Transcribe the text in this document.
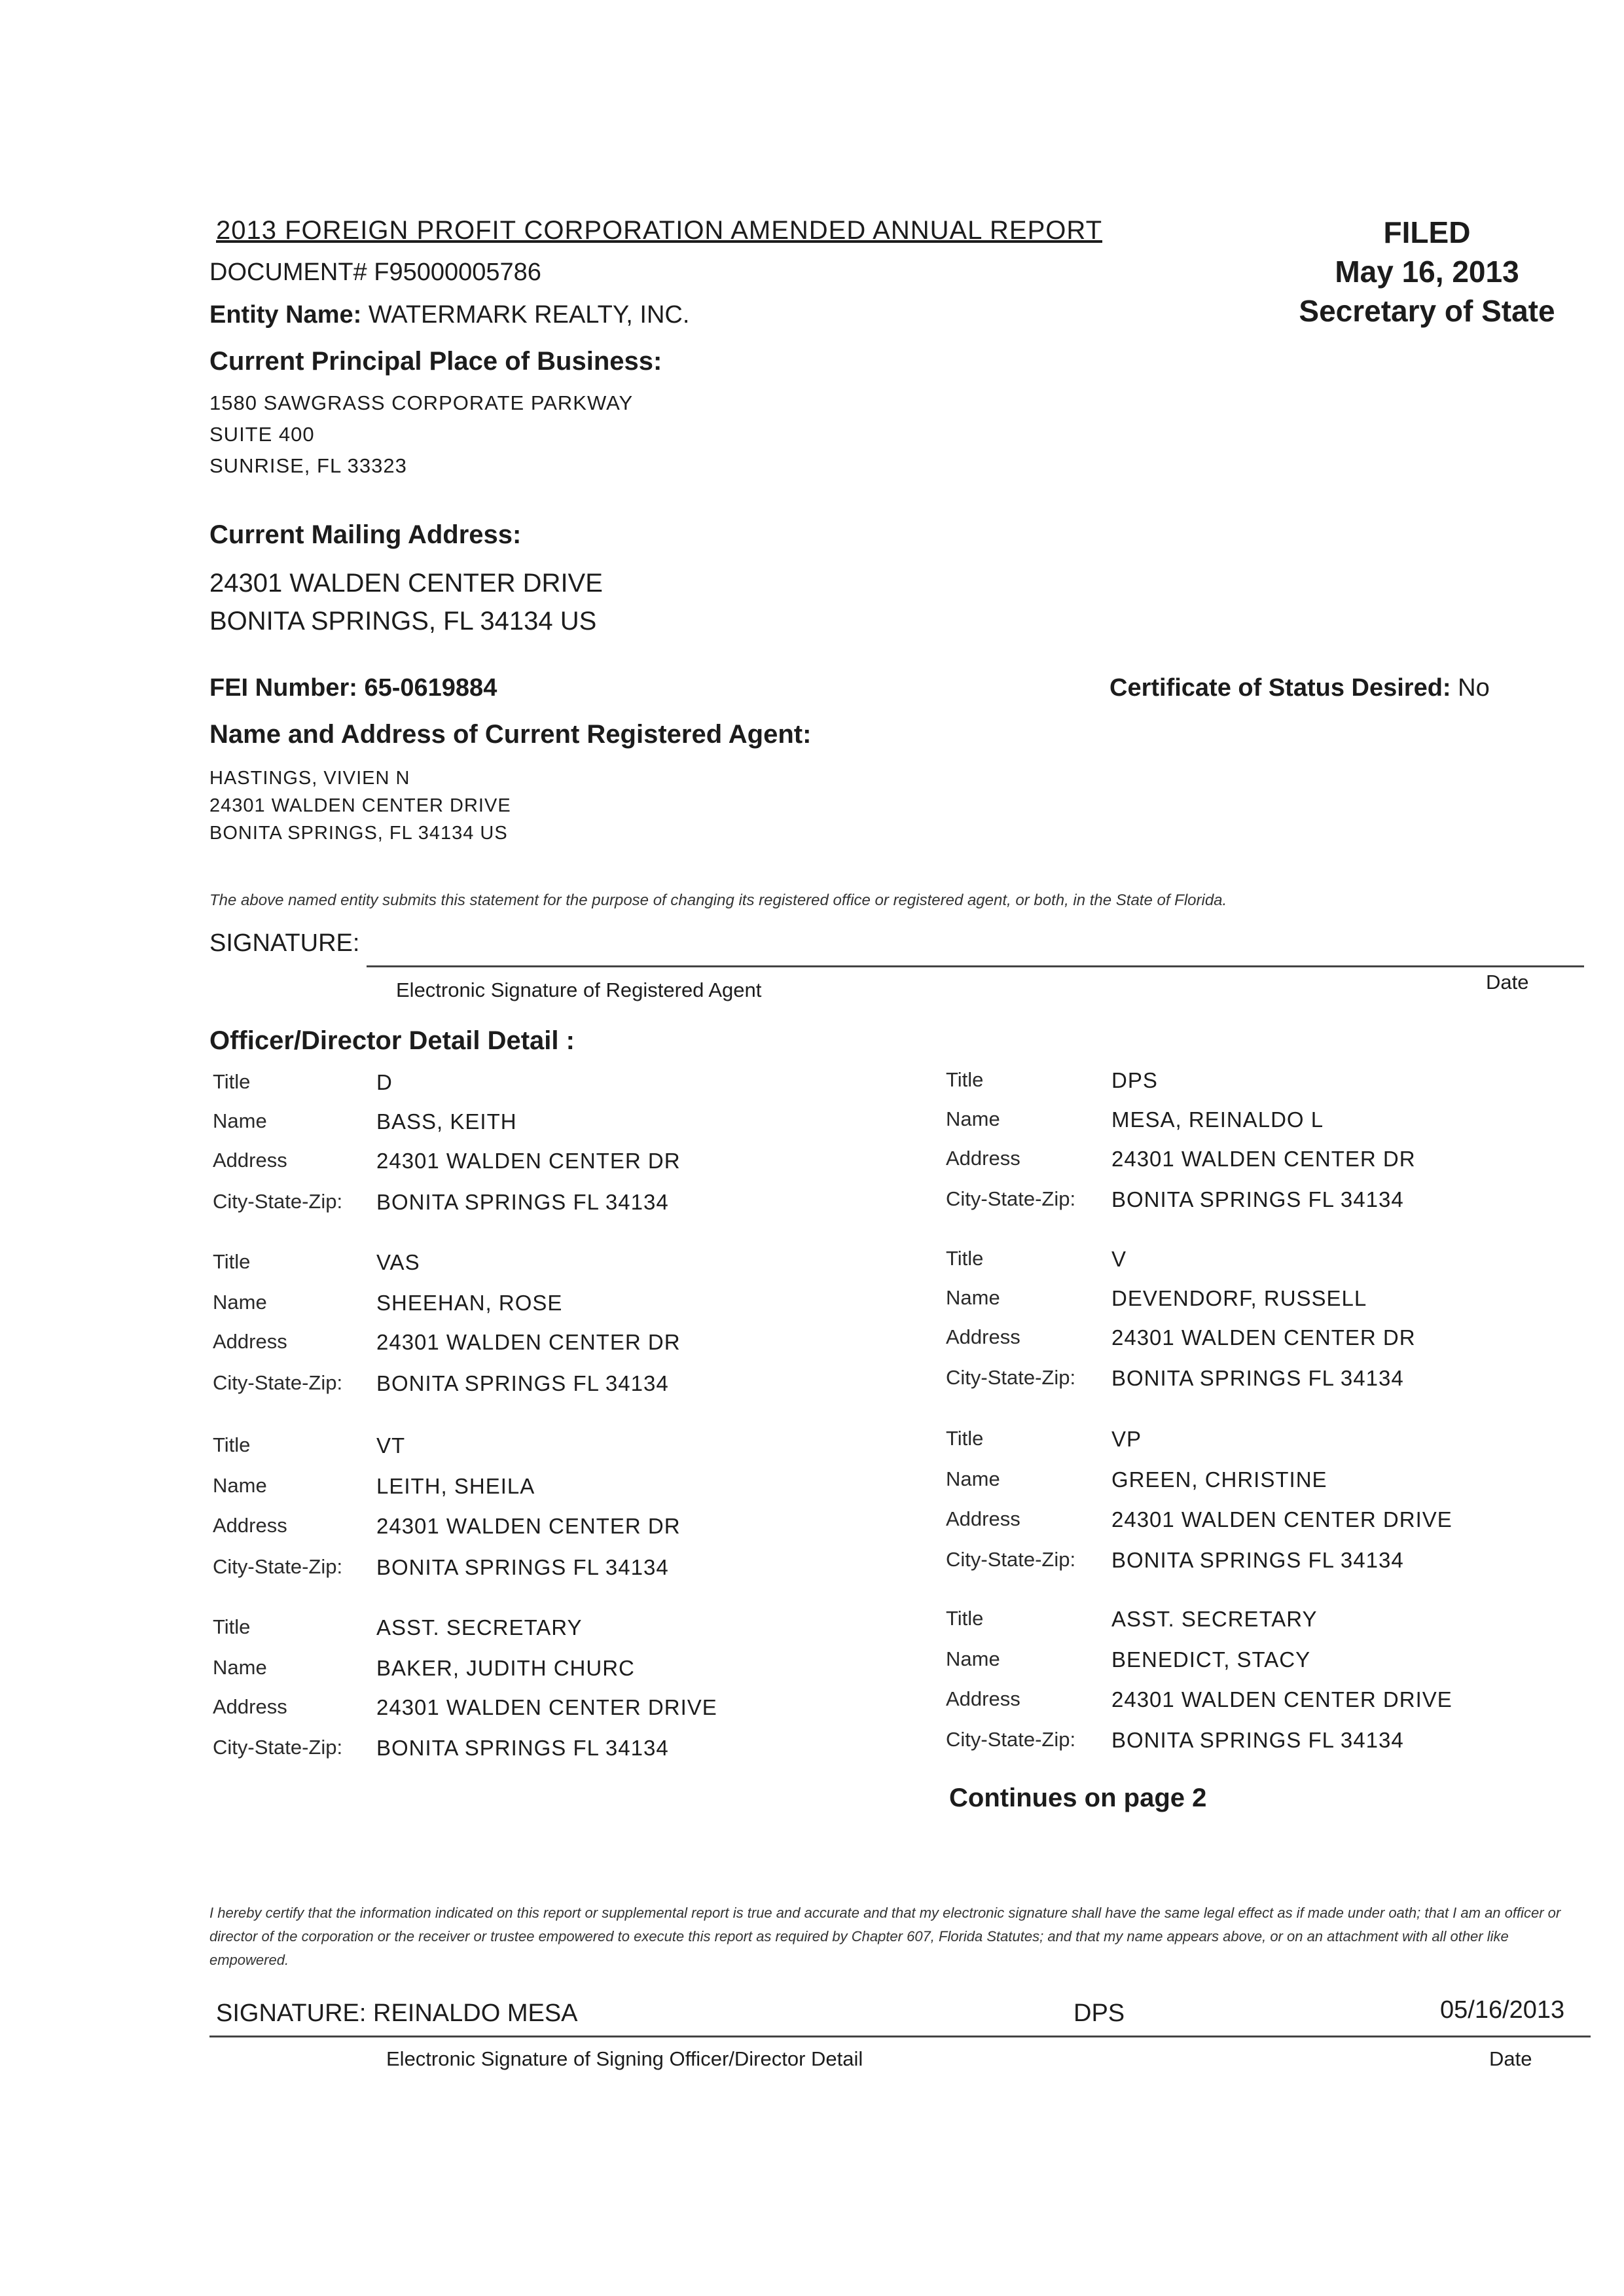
2013 FOREIGN PROFIT CORPORATION AMENDED ANNUAL REPORT
DOCUMENT# F95000005786
Entity Name: WATERMARK REALTY, INC.
FILED
May 16, 2013
Secretary of State
Current Principal Place of Business:
1580 SAWGRASS CORPORATE PARKWAY
SUITE 400
SUNRISE, FL 33323
Current Mailing Address:
24301 WALDEN CENTER DRIVE
BONITA SPRINGS, FL 34134 US
FEI Number: 65-0619884	Certificate of Status Desired: No
Name and Address of Current Registered Agent:
HASTINGS, VIVIEN N
24301 WALDEN CENTER DRIVE
BONITA SPRINGS, FL 34134 US
The above named entity submits this statement for the purpose of changing its registered office or registered agent, or both, in the State of Florida.
SIGNATURE:
Electronic Signature of Registered Agent	Date
Officer/Director Detail Detail :
Title	D
Name	BASS, KEITH
Address	24301 WALDEN CENTER DR
City-State-Zip: BONITA SPRINGS FL 34134
Title	DPS
Name	MESA, REINALDO L
Address	24301 WALDEN CENTER DR
City-State-Zip: BONITA SPRINGS FL 34134
Title	VAS
Name	SHEEHAN, ROSE
Address	24301 WALDEN CENTER DR
City-State-Zip: BONITA SPRINGS FL 34134
Title	V
Name	DEVENDORF, RUSSELL
Address	24301 WALDEN CENTER DR
City-State-Zip: BONITA SPRINGS FL 34134
Title	VT
Name	LEITH, SHEILA
Address	24301 WALDEN CENTER DR
City-State-Zip: BONITA SPRINGS FL 34134
Title	VP
Name	GREEN, CHRISTINE
Address	24301 WALDEN CENTER DRIVE
City-State-Zip: BONITA SPRINGS FL 34134
Title	ASST. SECRETARY
Name	BAKER, JUDITH CHURC
Address	24301 WALDEN CENTER DRIVE
City-State-Zip: BONITA SPRINGS FL 34134
Title	ASST. SECRETARY
Name	BENEDICT, STACY
Address	24301 WALDEN CENTER DRIVE
City-State-Zip: BONITA SPRINGS FL 34134
Continues on page 2
I hereby certify that the information indicated on this report or supplemental report is true and accurate and that my electronic signature shall have the same legal effect as if made under oath; that I am an officer or director of the corporation or the receiver or trustee empowered to execute this report as required by Chapter 607, Florida Statutes; and that my name appears above, or on an attachment with all other like empowered.
SIGNATURE: REINALDO MESA	DPS	05/16/2013
Electronic Signature of Signing Officer/Director Detail	Date
